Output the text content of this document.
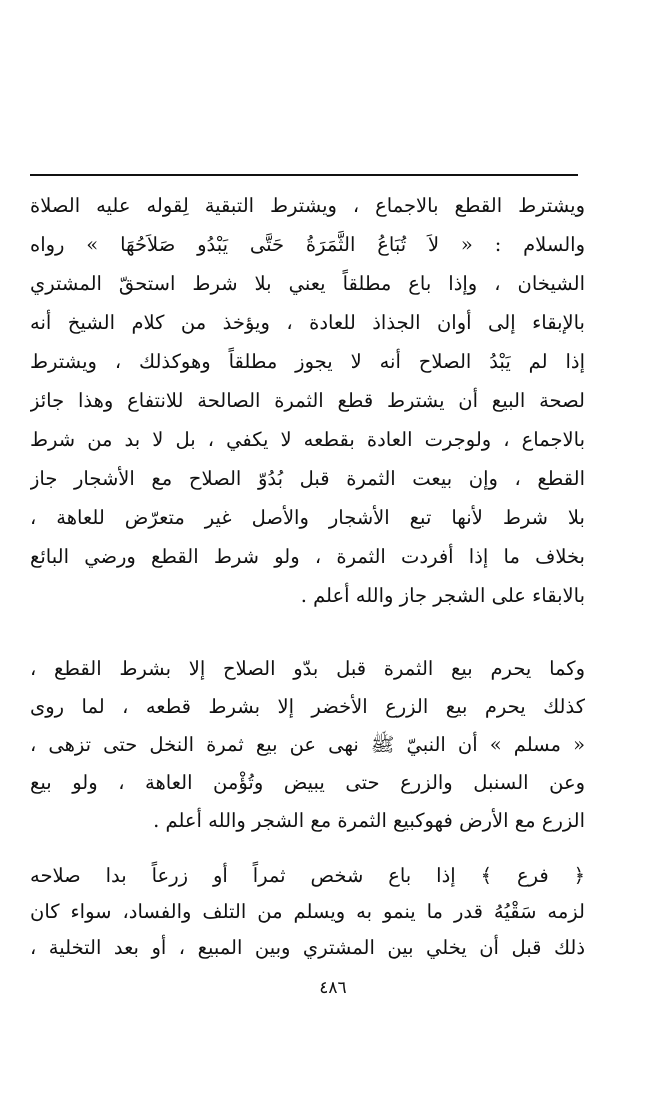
ويشترط القطع بالاجماع ، ويشترط التبقية لِقوله عليه الصلاة
والسلام : « لاَ تُبَاعُ الثَّمَرَةُ حَتَّى يَبْدُو صَلاَحُهَا » رواه
الشيخان ، وإذا باع مطلقاً يعني بلا شرط استحقّ المشتري
بالإبقاء إلى أوان الجذاذ للعادة ، ويؤخذ من كلام الشيخ أنه
إذا لم يَبْدُ الصلاح أنه لا يجوز مطلقاً وهوكذلك ، ويشترط
لصحة البيع أن يشترط قطع الثمرة الصالحة للانتفاع وهذا جائز
بالاجماع ، ولوجرت العادة بقطعه لا يكفي ، بل لا بد من شرط
القطع ، وإن بيعت الثمرة قبل بُدُوّ الصلاح مع الأشجار جاز
بلا شرط لأنها تبع الأشجار والأصل غير متعرّض للعاهة ،
بخلاف ما إذا أفردت الثمرة ، ولو شرط القطع ورضي البائع
بالابقاء على الشجر جاز والله أعلم .
وكما يحرم بيع الثمرة قبل بدّو الصلاح إلا بشرط القطع ،
كذلك يحرم بيع الزرع الأخضر إلا بشرط قطعه ، لما روى
« مسلم » أن النبيّ ﷺ نهى عن بيع ثمرة النخل حتى تزهى ،
وعن السنبل والزرع حتى يبيض وتُؤْمن العاهة ، ولو بيع
الزرع مع الأرض فهوكبيع الثمرة مع الشجر والله أعلم .
﴿ فرع ﴾ إذا باع شخص ثمراً أو زرعاً بدا صلاحه
لزمه سَقْيُهُ قدر ما ينمو به ويسلم من التلف والفساد، سواء كان
ذلك قبل أن يخلي بين المشتري وبين المبيع ، أو بعد التخلية ،
٤٨٦
